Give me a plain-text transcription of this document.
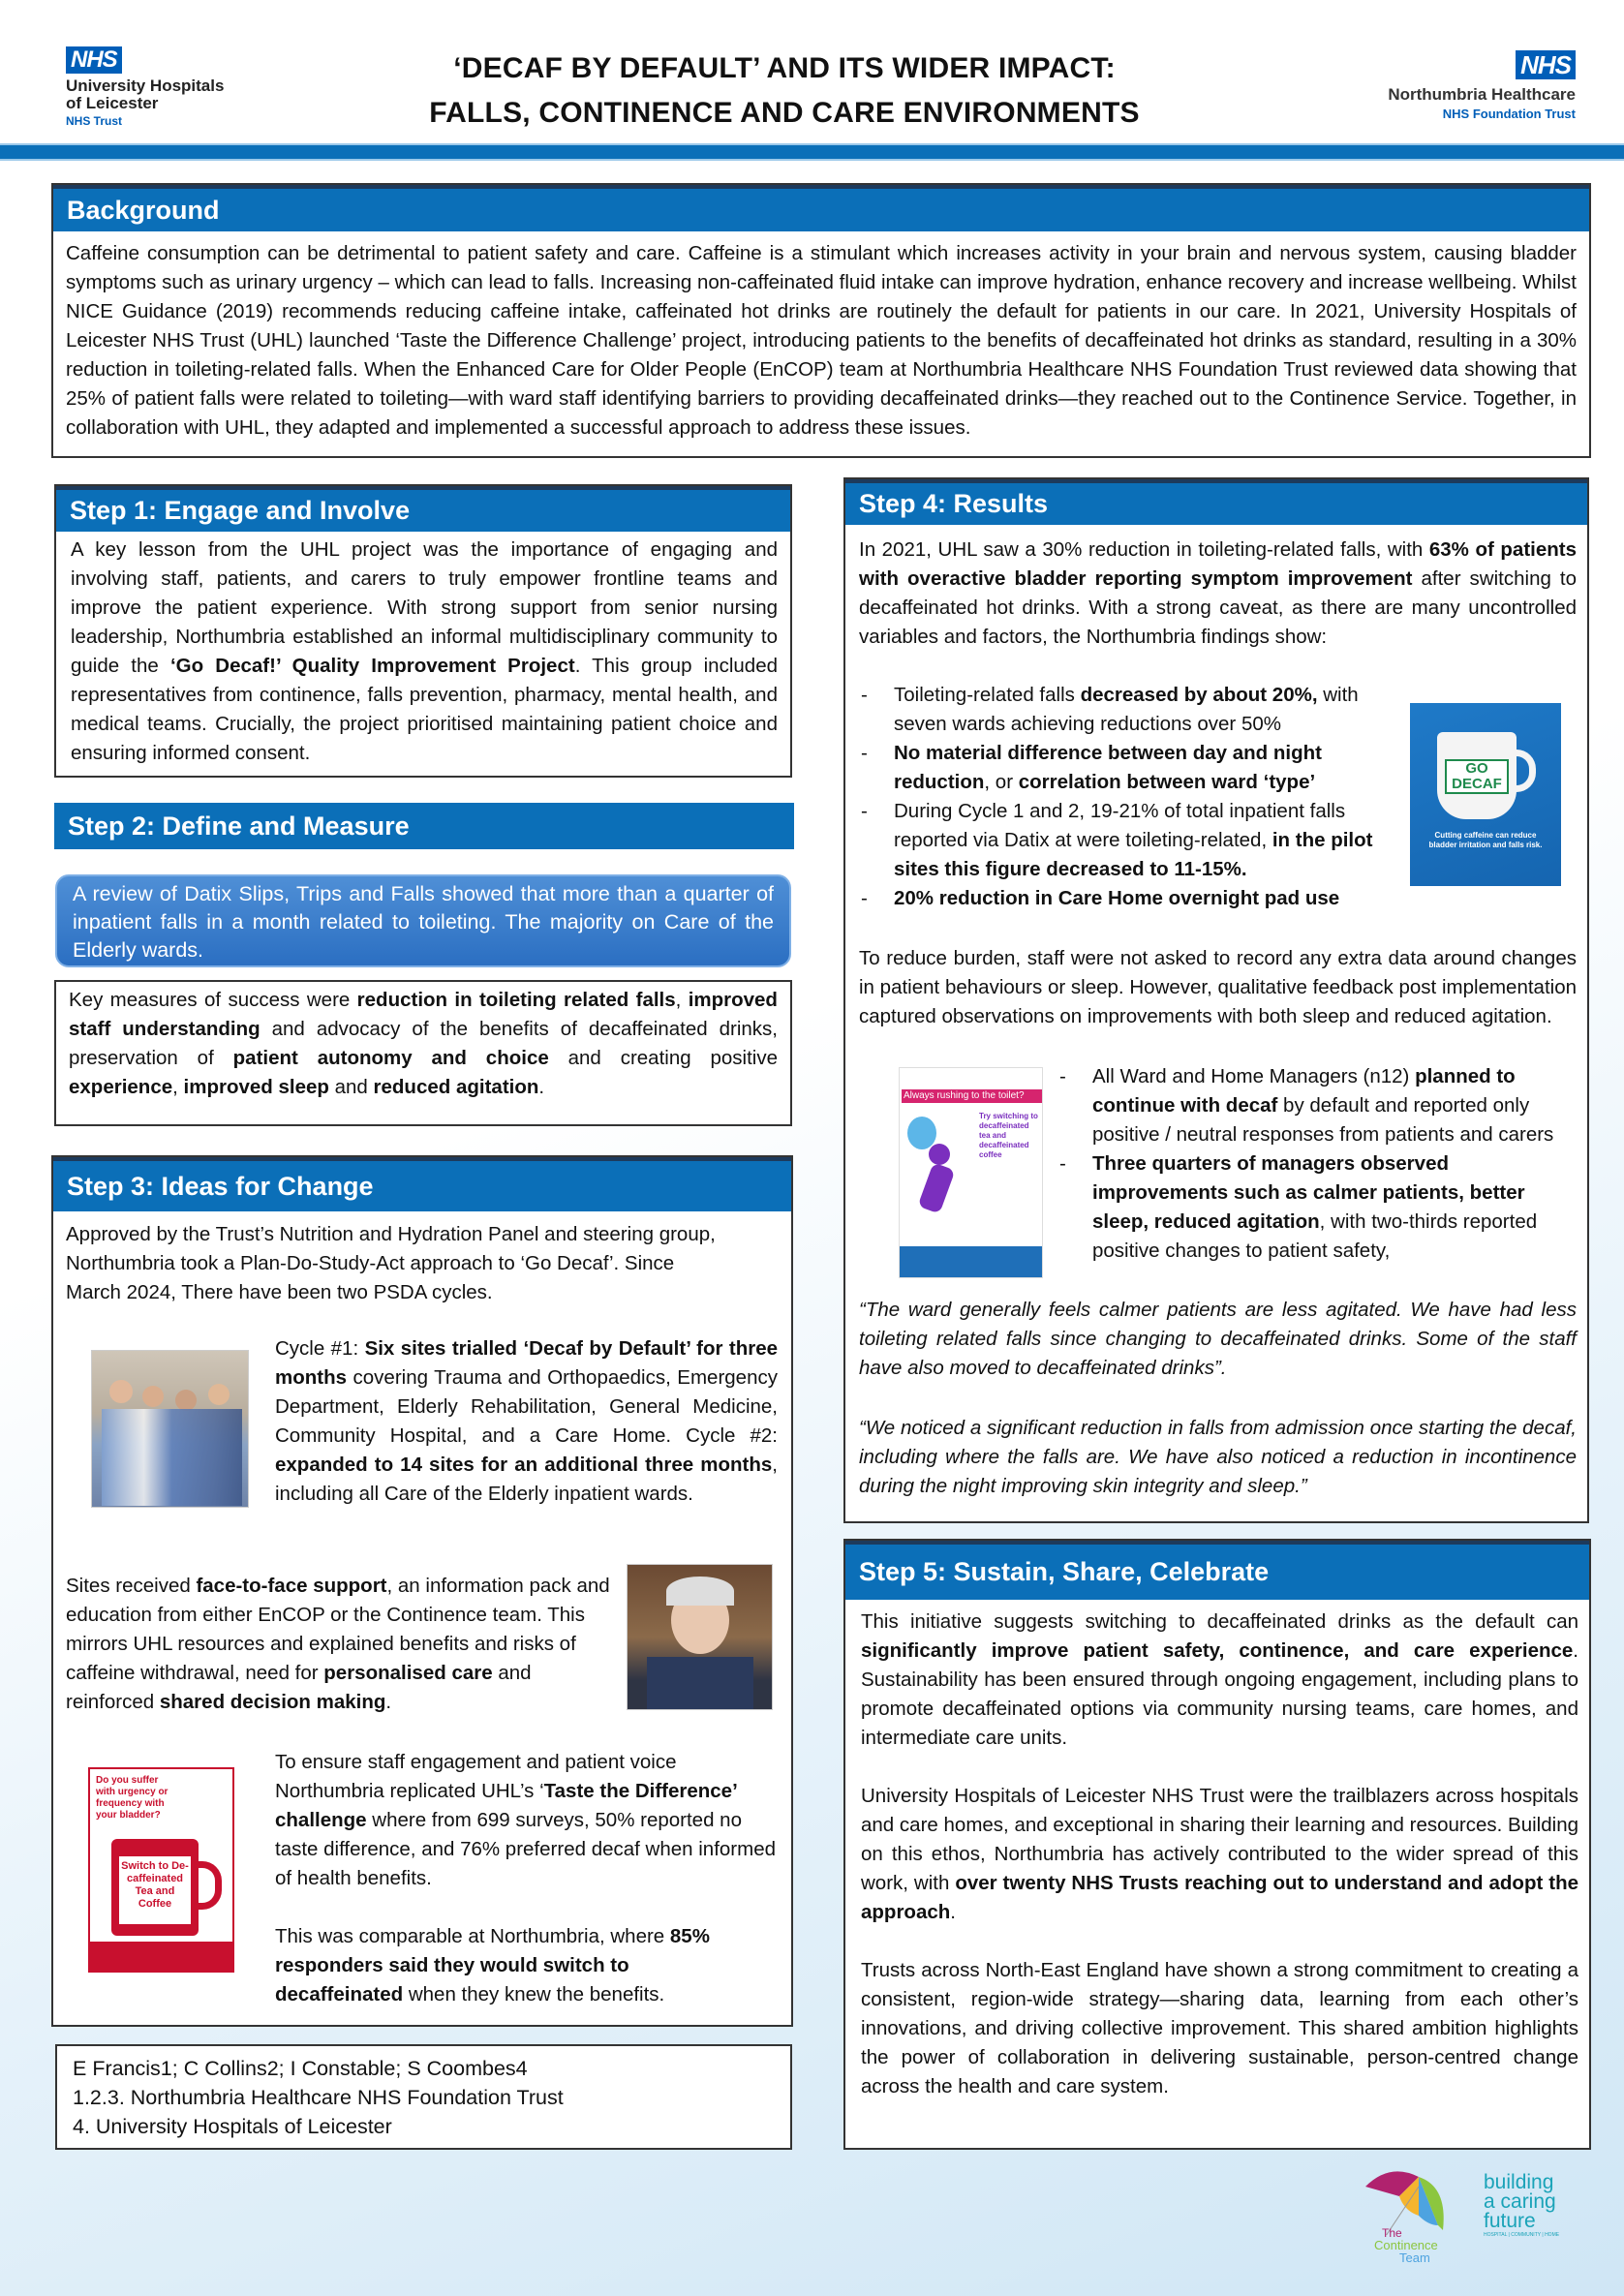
NHS
University Hospitals
of Leicester
NHS Trust
‘DECAF BY DEFAULT’ AND ITS WIDER IMPACT:
FALLS, CONTINENCE AND CARE ENVIRONMENTS
NHS
Northumbria Healthcare
NHS Foundation Trust
Background
Caffeine consumption can be detrimental to patient safety and care. Caffeine is a stimulant which increases activity in your brain and nervous system, causing bladder symptoms such as urinary urgency – which can lead to falls. Increasing non-caffeinated fluid intake can improve hydration, enhance recovery and increase wellbeing. Whilst NICE Guidance (2019) recommends reducing caffeine intake, caffeinated hot drinks are routinely the default for patients in our care. In 2021, University Hospitals of Leicester NHS Trust (UHL) launched ‘Taste the Difference Challenge’ project, introducing patients to the benefits of decaffeinated hot drinks as standard, resulting in a 30% reduction in toileting-related falls. When the Enhanced Care for Older People (EnCOP) team at Northumbria Healthcare NHS Foundation Trust reviewed data showing that 25% of patient falls were related to toileting—with ward staff identifying barriers to providing decaffeinated drinks—they reached out to the Continence Service. Together, in collaboration with UHL, they adapted and implemented a successful approach to address these issues.
Step 1: Engage and Involve
A key lesson from the UHL project was the importance of engaging and involving staff, patients, and carers to truly empower frontline teams and improve the patient experience. With strong support from senior nursing leadership, Northumbria established an informal multidisciplinary community to guide the ‘Go Decaf!’ Quality Improvement Project. This group included representatives from continence, falls prevention, pharmacy, mental health, and medical teams. Crucially, the project prioritised maintaining patient choice and ensuring informed consent.
Step 2: Define and Measure
A review of Datix Slips, Trips and Falls showed that more than a quarter of inpatient falls in a month related to toileting. The majority on Care of the Elderly wards.
Key measures of success were reduction in toileting related falls, improved staff understanding and advocacy of the benefits of decaffeinated drinks, preservation of patient autonomy and choice and creating positive experience, improved sleep and reduced agitation.
Step 3: Ideas for Change
Approved by the Trust’s Nutrition and Hydration Panel and steering group, Northumbria took a Plan-Do-Study-Act approach to ‘Go Decaf’. Since March 2024, There have been two PSDA cycles.
Cycle #1: Six sites trialled ‘Decaf by Default’ for three months covering Trauma and Orthopaedics, Emergency Department, Elderly Rehabilitation, General Medicine, Community Hospital, and a Care Home. Cycle #2: expanded to 14 sites for an additional three months, including all Care of the Elderly inpatient wards.
Sites received face-to-face support, an information pack and education from either EnCOP or the Continence team. This mirrors UHL resources and explained benefits and risks of caffeine withdrawal, need for personalised care and reinforced shared decision making.
Do you suffer with urgency or frequency with your bladder?
Switch to De-caffeinated Tea and Coffee
To ensure staff engagement and patient voice Northumbria replicated UHL’s ‘Taste the Difference’ challenge where from 699 surveys, 50% reported no taste difference, and 76% preferred decaf when informed of health benefits.
This was comparable at Northumbria, where 85% responders said they would switch to decaffeinated when they knew the benefits.
E Francis1; C Collins2; I Constable; S Coombes4
1.2.3. Northumbria Healthcare NHS Foundation Trust
4. University Hospitals of Leicester
Step 4: Results
In 2021, UHL saw a 30% reduction in toileting-related falls, with 63% of patients with overactive bladder reporting symptom improvement after switching to decaffeinated hot drinks. With a strong caveat, as there are many uncontrolled variables and factors, the Northumbria findings show:
- Toileting-related falls decreased by about 20%, with seven wards achieving reductions over 50%
- No material difference between day and night reduction, or correlation between ward ‘type’
- During Cycle 1 and 2, 19-21% of total inpatient falls reported via Datix at were toileting-related, in the pilot sites this figure decreased to 11-15%.
- 20% reduction in Care Home overnight pad use
GO DECAF
Cutting caffeine can reduce bladder irritation and falls risk.
To reduce burden, staff were not asked to record any extra data around changes in patient behaviours or sleep. However, qualitative feedback post implementation captured observations on improvements with both sleep and reduced agitation.
Always rushing to the toilet?
Try switching to decaffeinated tea and decaffeinated coffee
- All Ward and Home Managers (n12) planned to continue with decaf by default and reported only positive / neutral responses from patients and carers
- Three quarters of managers observed improvements such as calmer patients, better sleep, reduced agitation, with two-thirds reported positive changes to patient safety,
“The ward generally feels calmer patients are less agitated. We have had less toileting related falls since changing to decaffeinated drinks. Some of the staff have also moved to decaffeinated drinks”.
“We noticed a significant reduction in falls from admission once starting the decaf, including where the falls are. We have also noticed a reduction in incontinence during the night improving skin integrity and sleep.”
Step 5: Sustain, Share, Celebrate
This initiative suggests switching to decaffeinated drinks as the default can significantly improve patient safety, continence, and care experience. Sustainability has been ensured through ongoing engagement, including plans to promote decaffeinated options via community nursing teams, care homes, and intermediate care units.
University Hospitals of Leicester NHS Trust were the trailblazers across hospitals and care homes, and exceptional in sharing their learning and resources. Building on this ethos, Northumbria has actively contributed to the wider spread of this work, with over twenty NHS Trusts reaching out to understand and adopt the approach.
Trusts across North-East England have shown a strong commitment to creating a consistent, region-wide strategy—sharing data, learning from each other’s innovations, and driving collective improvement. This shared ambition highlights the power of collaboration in delivering sustainable, person-centred change across the health and care system.
The
Continence
Team
building
a caring
future
HOSPITAL | COMMUNITY | HOME
